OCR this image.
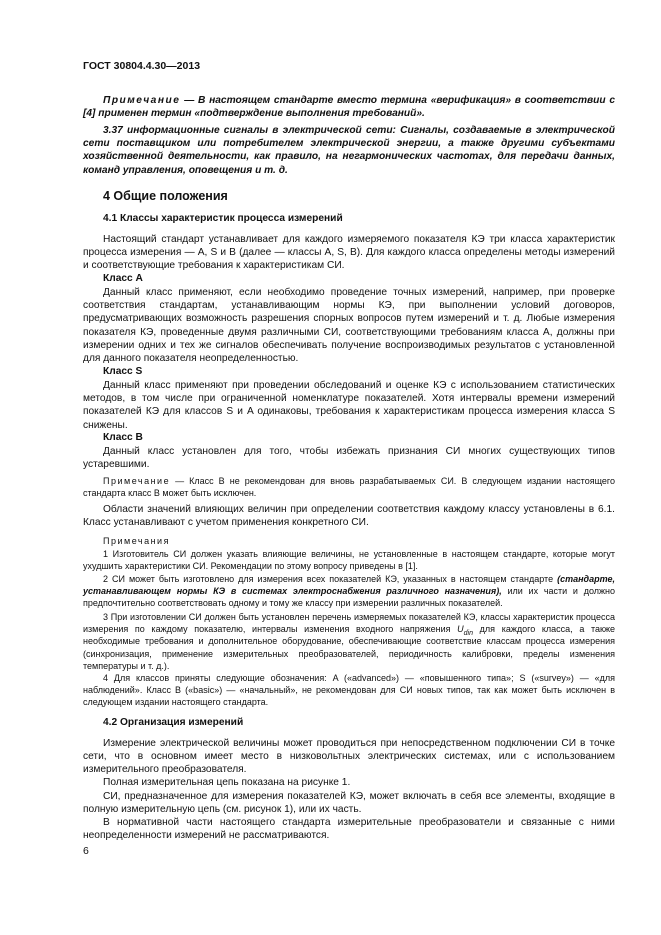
ГОСТ 30804.4.30—2013

Примечание — В настоящем стандарте вместо термина «верификация» в соответствии с [4] применен термин «подтверждение выполнения требований».

3.37 информационные сигналы в электрической сети: Сигналы, создаваемые в электрической сети поставщиком или потребителем электрической энергии, а также другими субъектами хозяйственной деятельности, как правило, на негармонических частотах, для передачи данных, команд управления, оповещения и т. д.

4 Общие положения
4.1 Классы характеристик процесса измерений

Настоящий стандарт устанавливает для каждого измеряемого показателя КЭ три класса характеристик процесса измерения — A, S и B (далее — классы A, S, B). Для каждого класса определены методы измерений и соответствующие требования к характеристикам СИ.

Класс A

Данный класс применяют, если необходимо проведение точных измерений, например, при проверке соответствия стандартам, устанавливающим нормы КЭ, при выполнении условий договоров, предусматривающих возможность разрешения спорных вопросов путем измерений и т. д. Любые измерения показателя КЭ, проведенные двумя различными СИ, соответствующими требованиям класса A, должны при измерении одних и тех же сигналов обеспечивать получение воспроизводимых результатов с установленной для данного показателя неопределенностью.

Класс S

Данный класс применяют при проведении обследований и оценке КЭ с использованием статистических методов, в том числе при ограниченной номенклатуре показателей. Хотя интервалы времени измерений показателей КЭ для классов S и A одинаковы, требования к характеристикам процесса измерения класса S снижены.

Класс B

Данный класс установлен для того, чтобы избежать признания СИ многих существующих типов устаревшими.

Примечание — Класс B не рекомендован для вновь разрабатываемых СИ. В следующем издании настоящего стандарта класс B может быть исключен.

Области значений влияющих величин при определении соответствия каждому классу установлены в 6.1. Класс устанавливают с учетом применения конкретного СИ.

Примечания

1 Изготовитель СИ должен указать влияющие величины, не установленные в настоящем стандарте, которые могут ухудшить характеристики СИ. Рекомендации по этому вопросу приведены в [1].

2 СИ может быть изготовлено для измерения всех показателей КЭ, указанных в настоящем стандарте (стандарте, устанавливающем нормы КЭ в системах электроснабжения различного назначения), или их части и должно предпочтительно соответствовать одному и тому же классу при измерении различных показателей.

3 При изготовлении СИ должен быть установлен перечень измеряемых показателей КЭ, классы характеристик процесса измерения по каждому показателю, интервалы изменения входного напряжения $U_{din}$ для каждого класса, а также необходимые требования и дополнительное оборудование, обеспечивающие соответствие классам процесса измерения (синхронизация, применение измерительных преобразователей, периодичность калибровки, пределы изменения температуры и т. д.).

4 Для классов приняты следующие обозначения: A («advanced») — «повышенного типа»; S («survey») — «для наблюдений». Класс B («basic») — «начальный», не рекомендован для СИ новых типов, так как может быть исключен в следующем издании настоящего стандарта.

4.2 Организация измерений

Измерение электрической величины может проводиться при непосредственном подключении СИ в точке сети, что в основном имеет место в низковольтных электрических системах, или с использованием измерительного преобразователя.

Полная измерительная цепь показана на рисунке 1.

СИ, предназначенное для измерения показателей КЭ, может включать в себя все элементы, входящие в полную измерительную цепь (см. рисунок 1), или их часть.

В нормативной части настоящего стандарта измерительные преобразователи и связанные с ними неопределенности измерений не рассматриваются.

6
